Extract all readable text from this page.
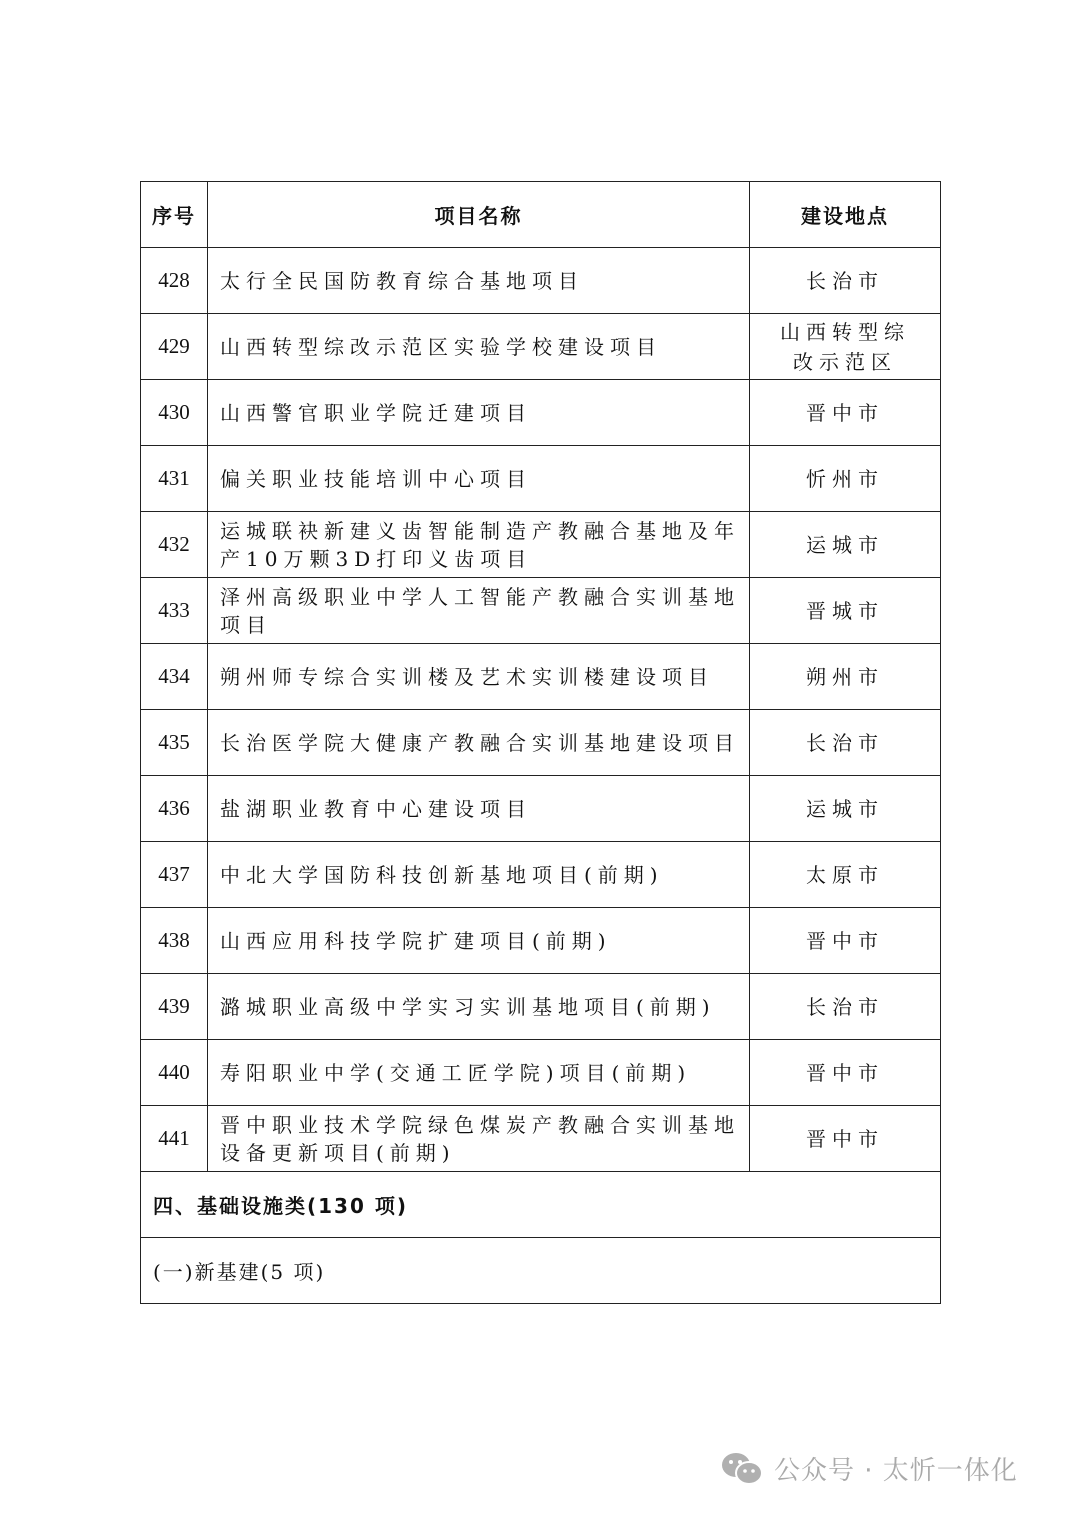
序号	项目名称	建设地点
428	太行全民国防教育综合基地项目	长治市
429	山西转型综改示范区实验学校建设项目	山西转型综改示范区
430	山西警官职业学院迁建项目	晋中市
431	偏关职业技能培训中心项目	忻州市
432	运城联袂新建义齿智能制造产教融合基地及年产10万颗3D打印义齿项目	运城市
433	泽州高级职业中学人工智能产教融合实训基地项目	晋城市
434	朔州师专综合实训楼及艺术实训楼建设项目	朔州市
435	长治医学院大健康产教融合实训基地建设项目	长治市
436	盐湖职业教育中心建设项目	运城市
437	中北大学国防科技创新基地项目(前期)	太原市
438	山西应用科技学院扩建项目(前期)	晋中市
439	潞城职业高级中学实习实训基地项目(前期)	长治市
440	寿阳职业中学(交通工匠学院)项目(前期)	晋中市
441	晋中职业技术学院绿色煤炭产教融合实训基地设备更新项目(前期)	晋中市
四、基础设施类(130 项)		
(一)新基建(5 项)		
公众号 · 太忻一体化
